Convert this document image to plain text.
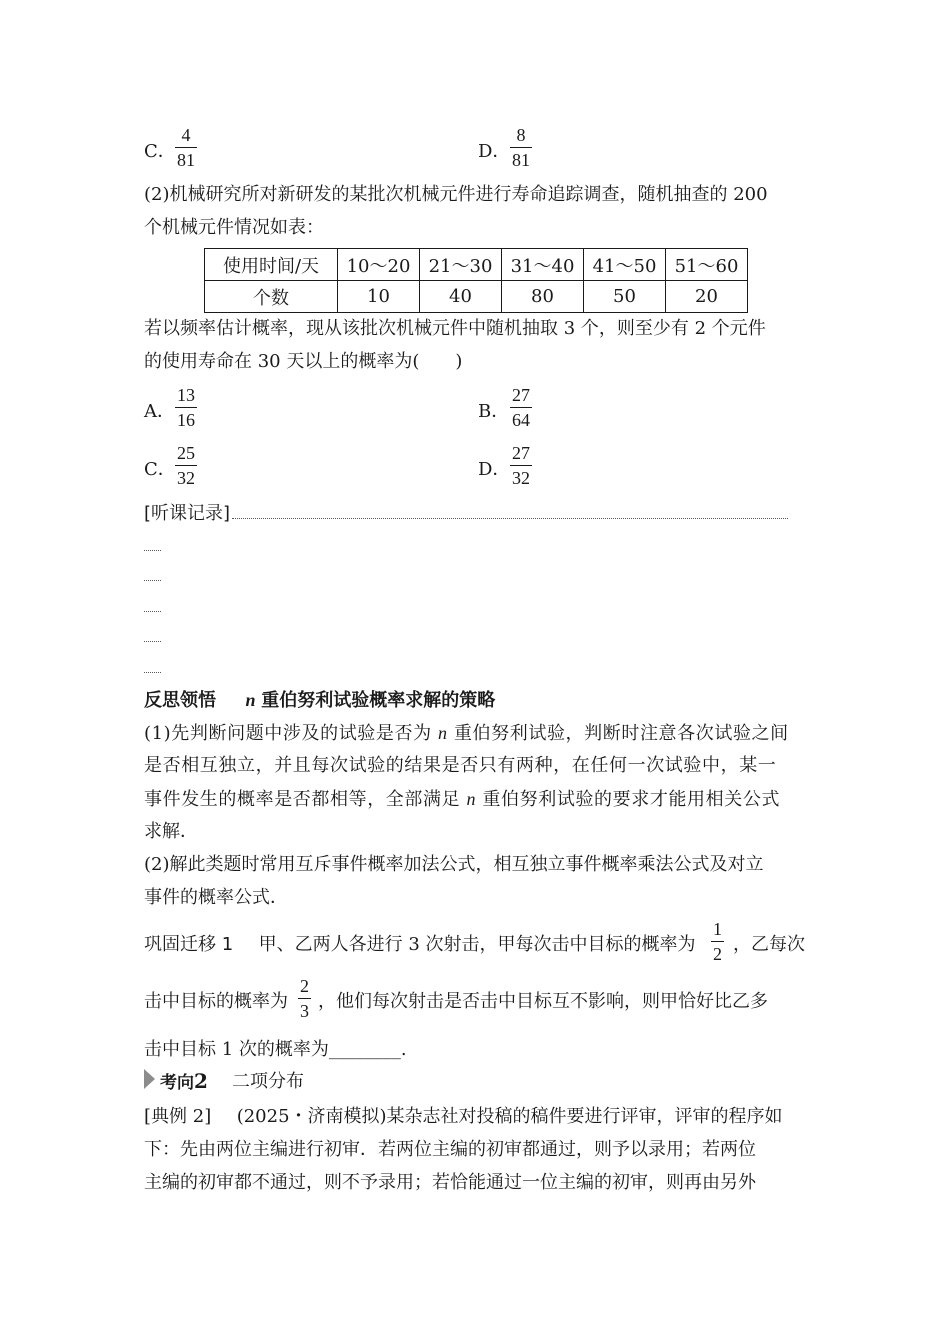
C．
4
81	D．
8
81
(2)机械研究所对新研发的某批次机械元件进行寿命追踪调查，随机抽查的 200
个机械元件情况如表：
使用时间/天	10～20	21～30	31～40	41～50	51～60
个数	10	40	80	50	20
若以频率估计概率，现从该批次机械元件中随机抽取 3 个，则至少有 2 个元件
的使用寿命在 30 天以上的概率为(　　)
A．
13
16	B．
27
64
C．
25
32	D．
27
32
[听课记录]
反思领悟 n 重伯努利试验概率求解的策略
(1)先判断问题中涉及的试验是否为 n 重伯努利试验，判断时注意各次试验之间
是否相互独立，并且每次试验的结果是否只有两种，在任何一次试验中，某一
事件发生的概率是否都相等，全部满足 n 重伯努利试验的要求才能用相关公式
求解．
(2)解此类题时常用互斥事件概率加法公式，相互独立事件概率乘法公式及对立
事件的概率公式．
巩固迁移 1 甲、乙两人各进行 3 次射击，甲每次击中目标的概率为
1
2 ，乙每次
击中目标的概率为
2
3 ，他们每次射击是否击中目标互不影响，则甲恰好比乙多
击中目标 1 次的概率为________.
考向2 二项分布
[典例 2] (2025・济南模拟)某杂志社对投稿的稿件要进行评审，评审的程序如
下：先由两位主编进行初审．若两位主编的初审都通过，则予以录用；若两位
主编的初审都不通过，则不予录用；若恰能通过一位主编的初审，则再由另外
